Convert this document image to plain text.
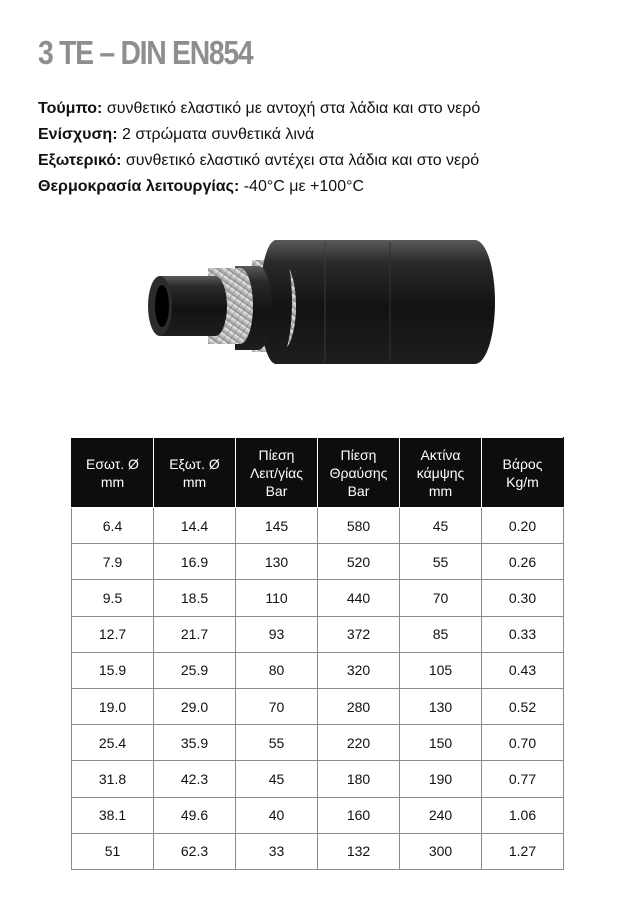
3 TE – DIN EN854
Τούμπο: συνθετικό ελαστικό με αντοχή στα λάδια και στο νερό
Ενίσχυση: 2 στρώματα συνθετικά λινά
Εξωτερικό: συνθετικό ελαστικό αντέχει στα λάδια και στο νερό
Θερμοκρασία λειτουργίας: -40°C με +100°C
Εσωτ. Ø
mm	Εξωτ. Ø
mm	Πίεση
Λειτ/γίας
Bar	Πίεση
Θραύσης
Bar	Ακτίνα
κάμψης
mm	Βάρος
Kg/m

6.4	14.4	145	580	45	0.20
7.9	16.9	130	520	55	0.26
9.5	18.5	110	440	70	0.30
12.7	21.7	93	372	85	0.33
15.9	25.9	80	320	105	0.43
19.0	29.0	70	280	130	0.52
25.4	35.9	55	220	150	0.70
31.8	42.3	45	180	190	0.77
38.1	49.6	40	160	240	1.06
51	62.3	33	132	300	1.27
